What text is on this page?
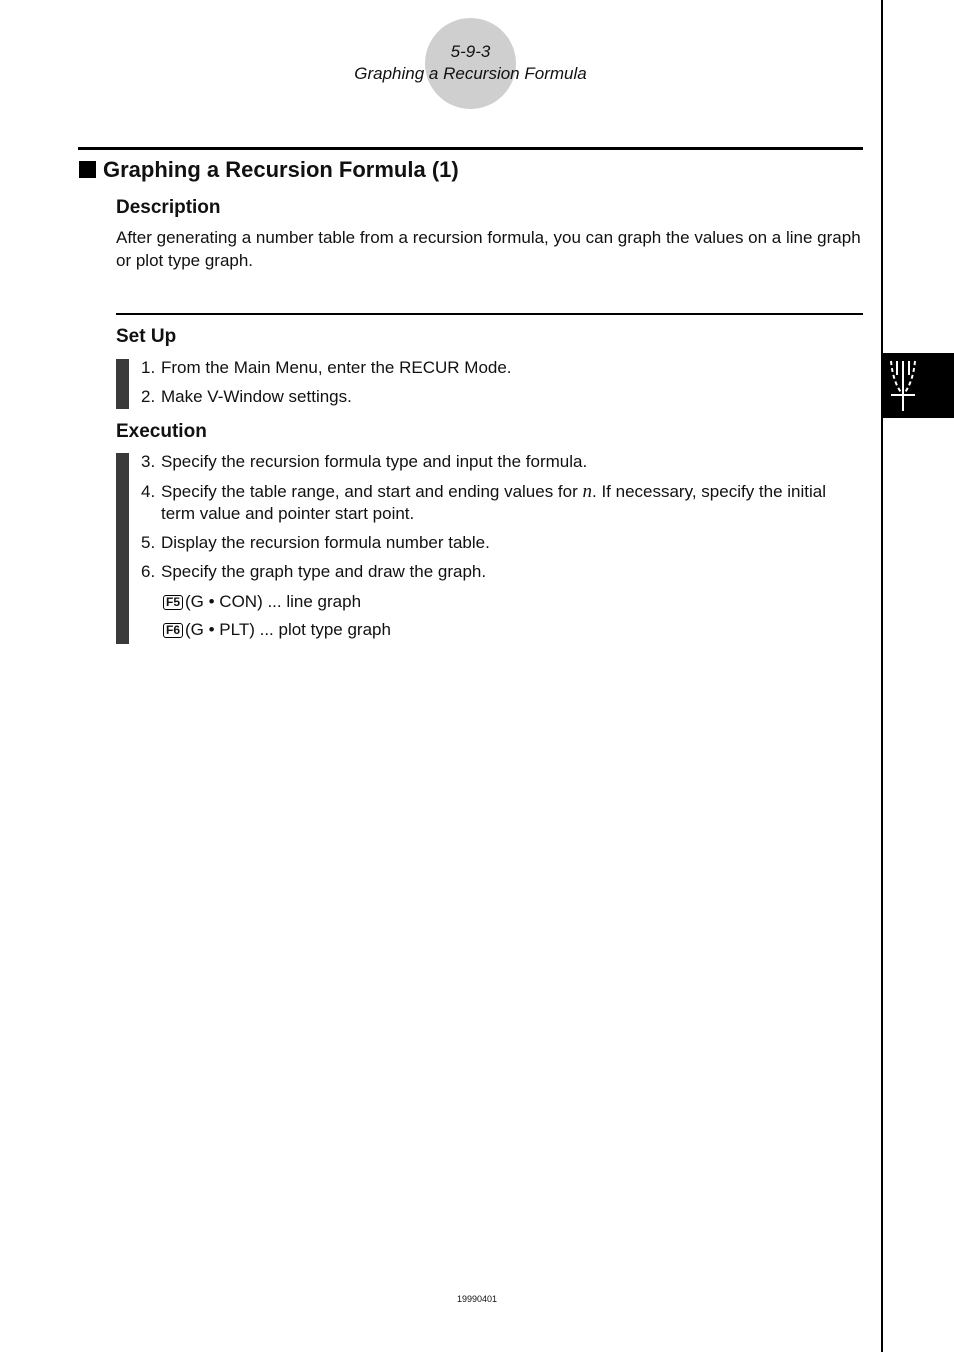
5-9-3
Graphing a Recursion Formula
Graphing a Recursion Formula (1)
Description
After generating a number table from a recursion formula, you can graph the values on a line graph or plot type graph.
Set Up
1. From the Main Menu, enter the RECUR Mode.
2. Make V-Window settings.
Execution
3. Specify the recursion formula type and input the formula.
4. Specify the table range, and start and ending values for n. If necessary, specify the initial term value and pointer start point.
5. Display the recursion formula number table.
6. Specify the graph type and draw the graph.
F5 (G • CON) ... line graph
F6 (G • PLT) ... plot type graph
19990401
